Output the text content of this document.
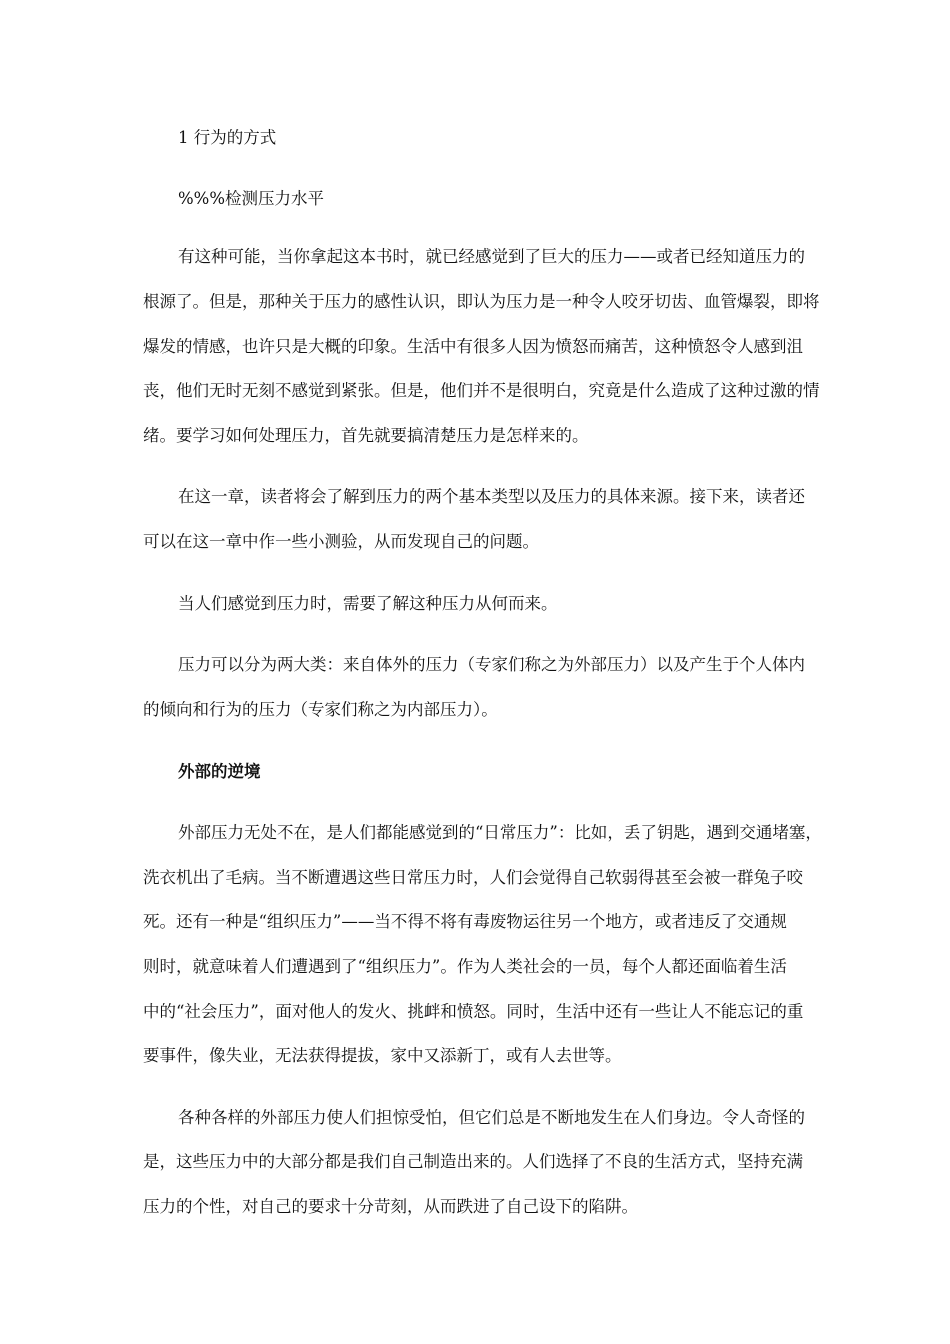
1 行为的方式
%%%检测压力水平
有这种可能，当你拿起这本书时，就已经感觉到了巨大的压力——或者已经知道压力的
根源了。但是，那种关于压力的感性认识，即认为压力是一种令人咬牙切齿、血管爆裂，即将
爆发的情感，也许只是大概的印象。生活中有很多人因为愤怒而痛苦，这种愤怒令人感到沮
丧，他们无时无刻不感觉到紧张。但是，他们并不是很明白，究竟是什么造成了这种过激的情
绪。要学习如何处理压力，首先就要搞清楚压力是怎样来的。
在这一章，读者将会了解到压力的两个基本类型以及压力的具体来源。接下来，读者还
可以在这一章中作一些小测验，从而发现自己的问题。
当人们感觉到压力时，需要了解这种压力从何而来。
压力可以分为两大类：来自体外的压力（专家们称之为外部压力）以及产生于个人体内
的倾向和行为的压力（专家们称之为内部压力）。
外部的逆境
外部压力无处不在，是人们都能感觉到的“日常压力”：比如，丢了钥匙，遇到交通堵塞，
洗衣机出了毛病。当不断遭遇这些日常压力时，人们会觉得自己软弱得甚至会被一群兔子咬
死。还有一种是“组织压力”——当不得不将有毒废物运往另一个地方，或者违反了交通规
则时，就意味着人们遭遇到了“组织压力”。作为人类社会的一员，每个人都还面临着生活
中的“社会压力”，面对他人的发火、挑衅和愤怒。同时，生活中还有一些让人不能忘记的重
要事件，像失业，无法获得提拔，家中又添新丁，或有人去世等。
各种各样的外部压力使人们担惊受怕，但它们总是不断地发生在人们身边。令人奇怪的
是，这些压力中的大部分都是我们自己制造出来的。人们选择了不良的生活方式，坚持充满
压力的个性，对自己的要求十分苛刻，从而跌进了自己设下的陷阱。
